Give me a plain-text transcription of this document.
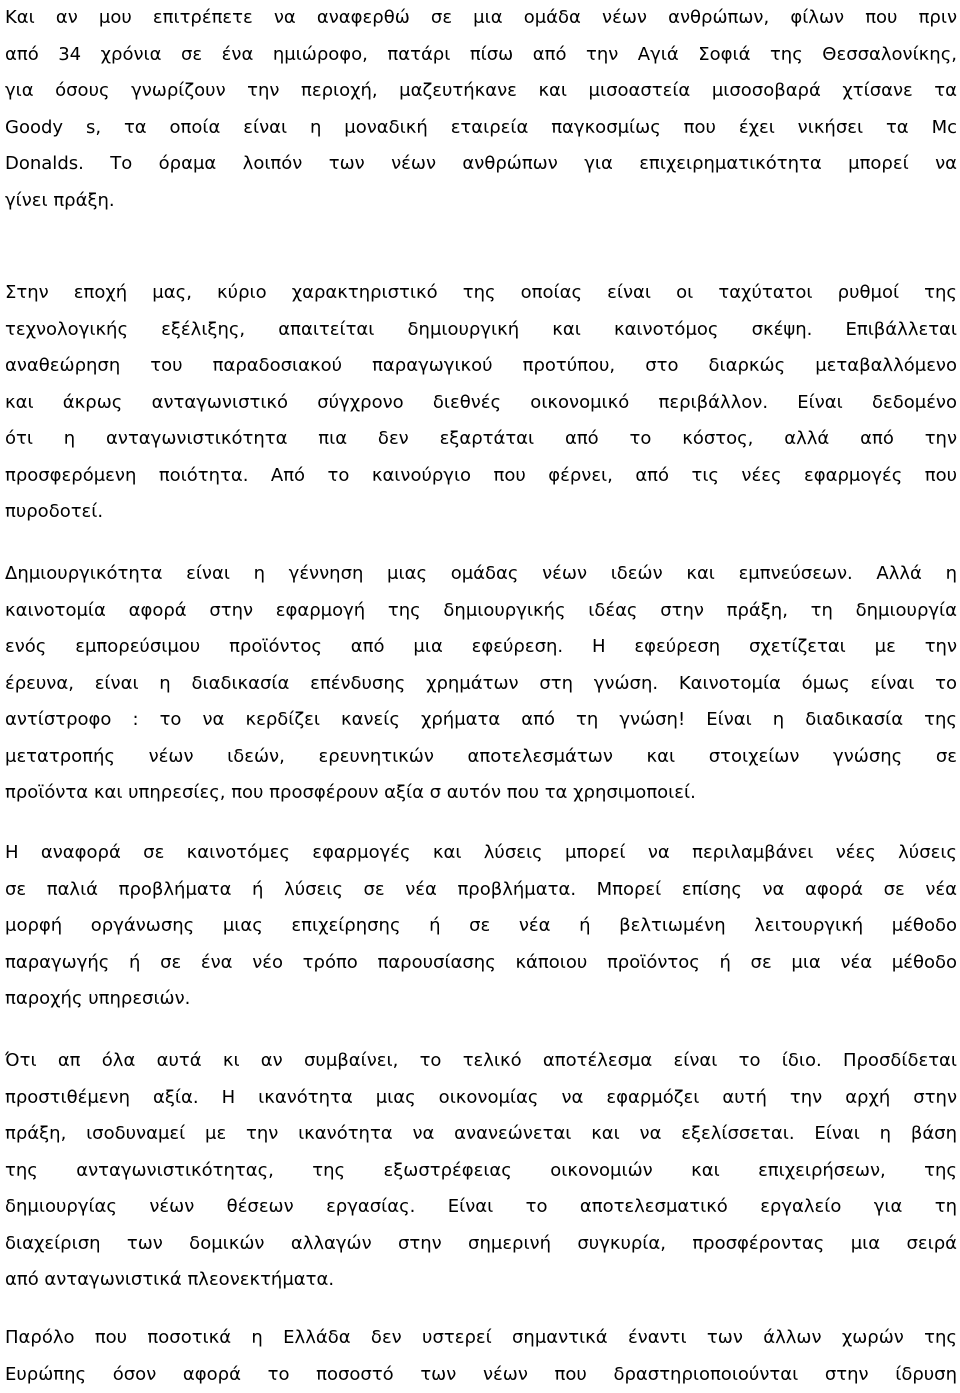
Και αν μου επιτρέπετε να αναφερθώ σε μια ομάδα νέων ανθρώπων, φίλων που πριν
από 34 χρόνια σε ένα ημιώροφο, πατάρι πίσω από την Αγιά Σοφιά της Θεσσαλονίκης,
για όσους γνωρίζουν την περιοχή, μαζευτήκανε και μισοαστεία μισοσοβαρά χτίσανε τα
Goody s, τα οποία είναι η μοναδική εταιρεία παγκοσμίως που έχει νικήσει τα Mc
Donalds. Το όραμα λοιπόν των νέων ανθρώπων για επιχειρηματικότητα μπορεί να
γίνει πράξη.
Στην εποχή μας, κύριο χαρακτηριστικό της οποίας είναι οι ταχύτατοι ρυθμοί της
τεχνολογικής εξέλιξης, απαιτείται δημιουργική και καινοτόμος σκέψη. Επιβάλλεται
αναθεώρηση του παραδοσιακού παραγωγικού προτύπου, στο διαρκώς μεταβαλλόμενο
και άκρως ανταγωνιστικό σύγχρονο διεθνές οικονομικό περιβάλλον. Είναι δεδομένο
ότι η ανταγωνιστικότητα πια δεν εξαρτάται από το κόστος, αλλά από την
προσφερόμενη ποιότητα. Από το καινούργιο που φέρνει, από τις νέες εφαρμογές που
πυροδοτεί.
Δημιουργικότητα είναι η γέννηση μιας ομάδας νέων ιδεών και εμπνεύσεων. Αλλά η
καινοτομία αφορά στην εφαρμογή της δημιουργικής ιδέας στην πράξη, τη δημιουργία
ενός εμπορεύσιμου προϊόντος από μια εφεύρεση. Η εφεύρεση σχετίζεται με την
έρευνα, είναι η διαδικασία επένδυσης χρημάτων στη γνώση. Καινοτομία όμως είναι το
αντίστροφο : το να κερδίζει κανείς χρήματα από τη γνώση! Είναι η διαδικασία της
μετατροπής νέων ιδεών, ερευνητικών αποτελεσμάτων και στοιχείων γνώσης σε
προϊόντα και υπηρεσίες, που προσφέρουν αξία σ αυτόν που τα χρησιμοποιεί.
Η αναφορά σε καινοτόμες εφαρμογές και λύσεις μπορεί να περιλαμβάνει νέες λύσεις
σε παλιά προβλήματα ή λύσεις σε νέα προβλήματα. Μπορεί επίσης να αφορά σε νέα
μορφή οργάνωσης μιας επιχείρησης ή σε νέα ή βελτιωμένη λειτουργική μέθοδο
παραγωγής ή σε ένα νέο τρόπο παρουσίασης κάποιου προϊόντος ή σε μια νέα μέθοδο
παροχής υπηρεσιών.
Ότι απ όλα αυτά κι αν συμβαίνει, το τελικό αποτέλεσμα είναι το ίδιο. Προσδίδεται
προστιθέμενη αξία. Η ικανότητα μιας οικονομίας να εφαρμόζει αυτή την αρχή στην
πράξη, ισοδυναμεί με την ικανότητα να ανανεώνεται και να εξελίσσεται. Είναι η βάση
της ανταγωνιστικότητας, της εξωστρέφειας οικονομιών και επιχειρήσεων, της
δημιουργίας νέων θέσεων εργασίας. Είναι το αποτελεσματικό εργαλείο για τη
διαχείριση των δομικών αλλαγών στην σημερινή συγκυρία, προσφέροντας μια σειρά
από ανταγωνιστικά πλεονεκτήματα.
Παρόλο που ποσοτικά η Ελλάδα δεν υστερεί σημαντικά έναντι των άλλων χωρών της
Ευρώπης όσον αφορά το ποσοστό των νέων που δραστηριοποιούνται στην ίδρυση
